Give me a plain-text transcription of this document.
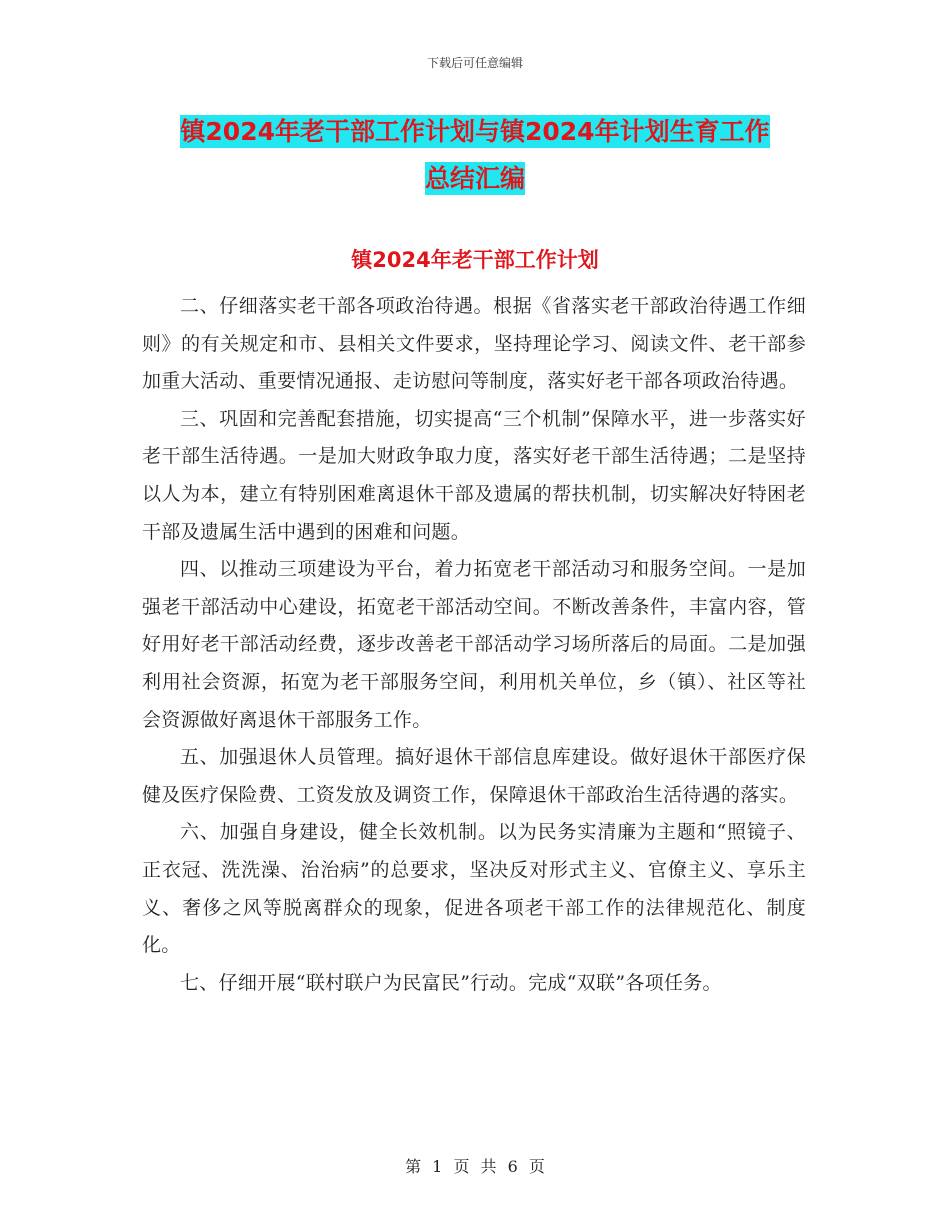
下载后可任意编辑
镇2024年老干部工作计划与镇2024年计划生育工作
总结汇编
镇2024年老干部工作计划

二、仔细落实老干部各项政治待遇。根据《省落实老干部政治待遇工作细则》的有关规定和市、县相关文件要求，坚持理论学习、阅读文件、老干部参加重大活动、重要情况通报、走访慰问等制度，落实好老干部各项政治待遇。

三、巩固和完善配套措施，切实提高“三个机制”保障水平，进一步落实好老干部生活待遇。一是加大财政争取力度，落实好老干部生活待遇；二是坚持以人为本，建立有特别困难离退休干部及遗属的帮扶机制，切实解决好特困老干部及遗属生活中遇到的困难和问题。

四、以推动三项建设为平台，着力拓宽老干部活动习和服务空间。一是加强老干部活动中心建设，拓宽老干部活动空间。不断改善条件，丰富内容，管好用好老干部活动经费，逐步改善老干部活动学习场所落后的局面。二是加强利用社会资源，拓宽为老干部服务空间，利用机关单位，乡（镇）、社区等社会资源做好离退休干部服务工作。

五、加强退休人员管理。搞好退休干部信息库建设。做好退休干部医疗保健及医疗保险费、工资发放及调资工作，保障退休干部政治生活待遇的落实。

六、加强自身建设，健全长效机制。以为民务实清廉为主题和“照镜子、正衣冠、洗洗澡、治治病”的总要求，坚决反对形式主义、官僚主义、享乐主义、奢侈之风等脱离群众的现象，促进各项老干部工作的法律规范化、制度化。

七、仔细开展“联村联户为民富民”行动。完成“双联”各项任务。

第 1 页 共 6 页
